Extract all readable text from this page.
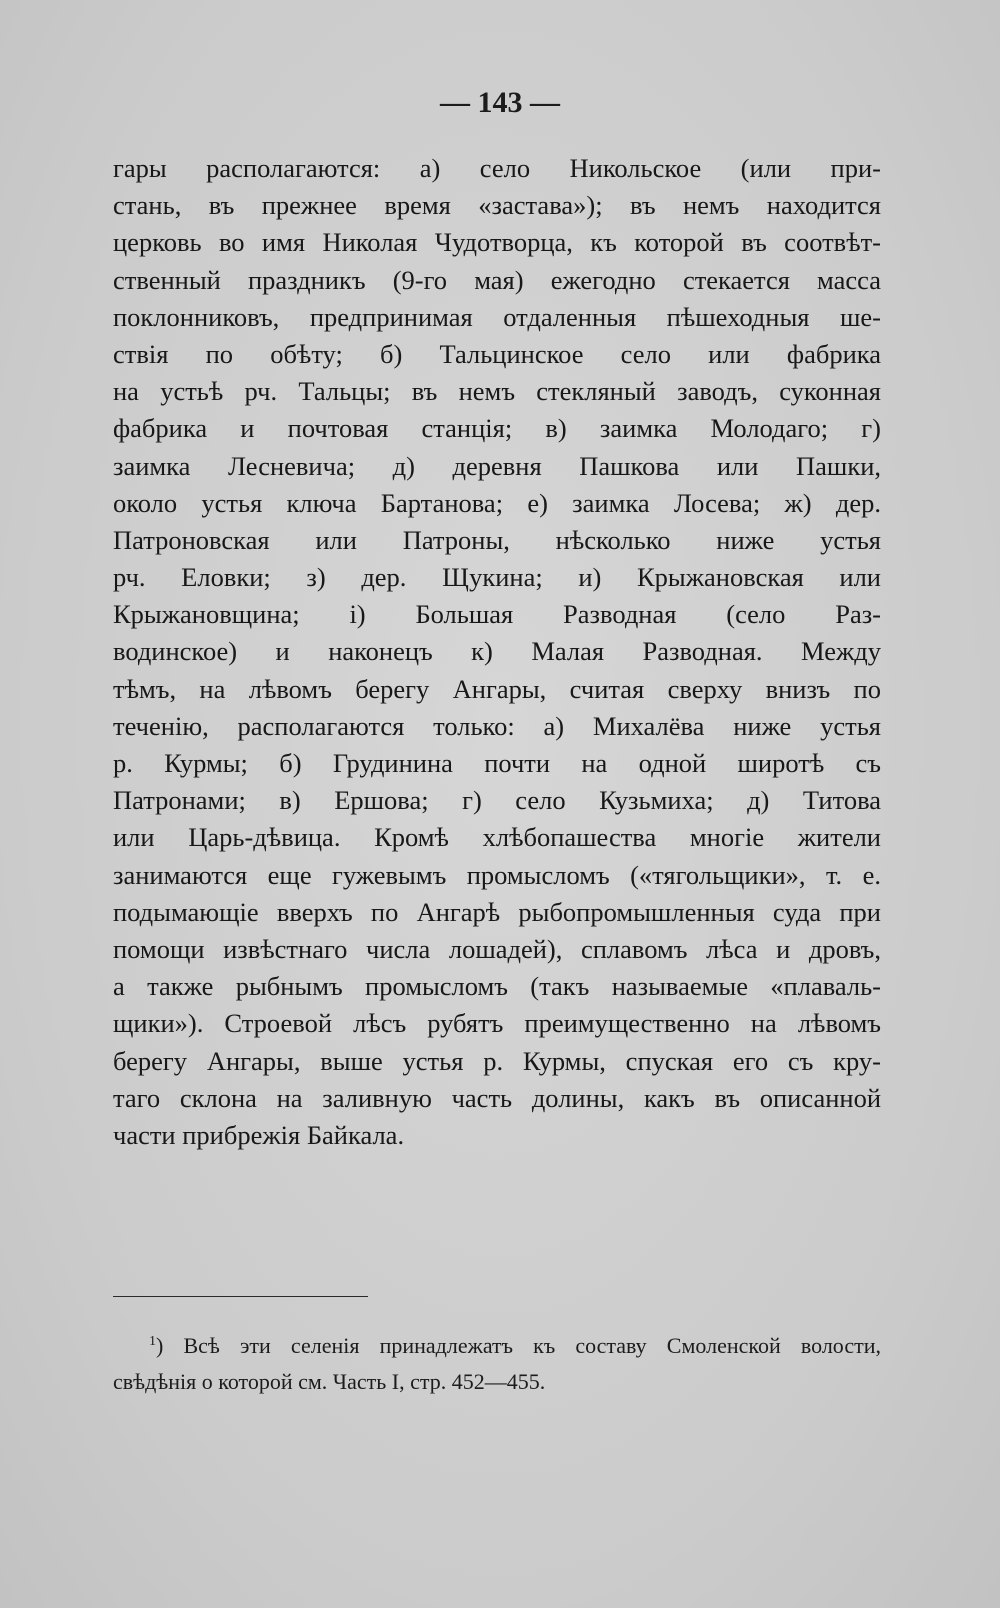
— 143 —
гары располагаются: а) село Никольское (или при-
стань, въ прежнее время «застава»); въ немъ находится
церковь во имя Николая Чудотворца, къ которой въ соотвѣт-
ственный праздникъ (9-го мая) ежегодно стекается масса
поклонниковъ, предпринимая отдаленныя пѣшеходныя ше-
ствія по обѣту; б) Тальцинское село или фабрика
на устьѣ рч. Тальцы; въ немъ стекляный заводъ, суконная
фабрика и почтовая станція; в) заимка Молодаго; г)
заимка Лесневича; д) деревня Пашкова или Пашки,
около устья ключа Бартанова; е) заимка Лосева; ж) дер.
Патроновская или Патроны, нѣсколько ниже устья
рч. Еловки; з) дер. Щукина; и) Крыжановская или
Крыжановщина; і) Большая Разводная (село Раз-
водинское) и наконецъ к) Малая Разводная. Между
тѣмъ, на лѣвомъ берегу Ангары, считая сверху внизъ по
теченію, располагаются только: а) Михалёва ниже устья
р. Курмы; б) Грудинина почти на одной широтѣ съ
Патронами; в) Ершова; г) село Кузьмиха; д) Титова
или Царь-дѣвица. Кромѣ хлѣбопашества многіе жители
занимаются еще гужевымъ промысломъ («тягольщики», т. е.
подымающіе вверхъ по Ангарѣ рыбопромышленныя суда при
помощи извѣстнаго числа лошадей), сплавомъ лѣса и дровъ,
а также рыбнымъ промысломъ (такъ называемые «плаваль-
щики»). Строевой лѣсъ рубятъ преимущественно на лѣвомъ
берегу Ангары, выше устья р. Курмы, спуская его съ кру-
таго склона на заливную часть долины, какъ въ описанной
части прибрежія Байкала.
$^1$) Всѣ эти селенія принадлежатъ къ составу Смоленской волости,
свѣдѣнія о которой см. Часть I, стр. 452—455.
